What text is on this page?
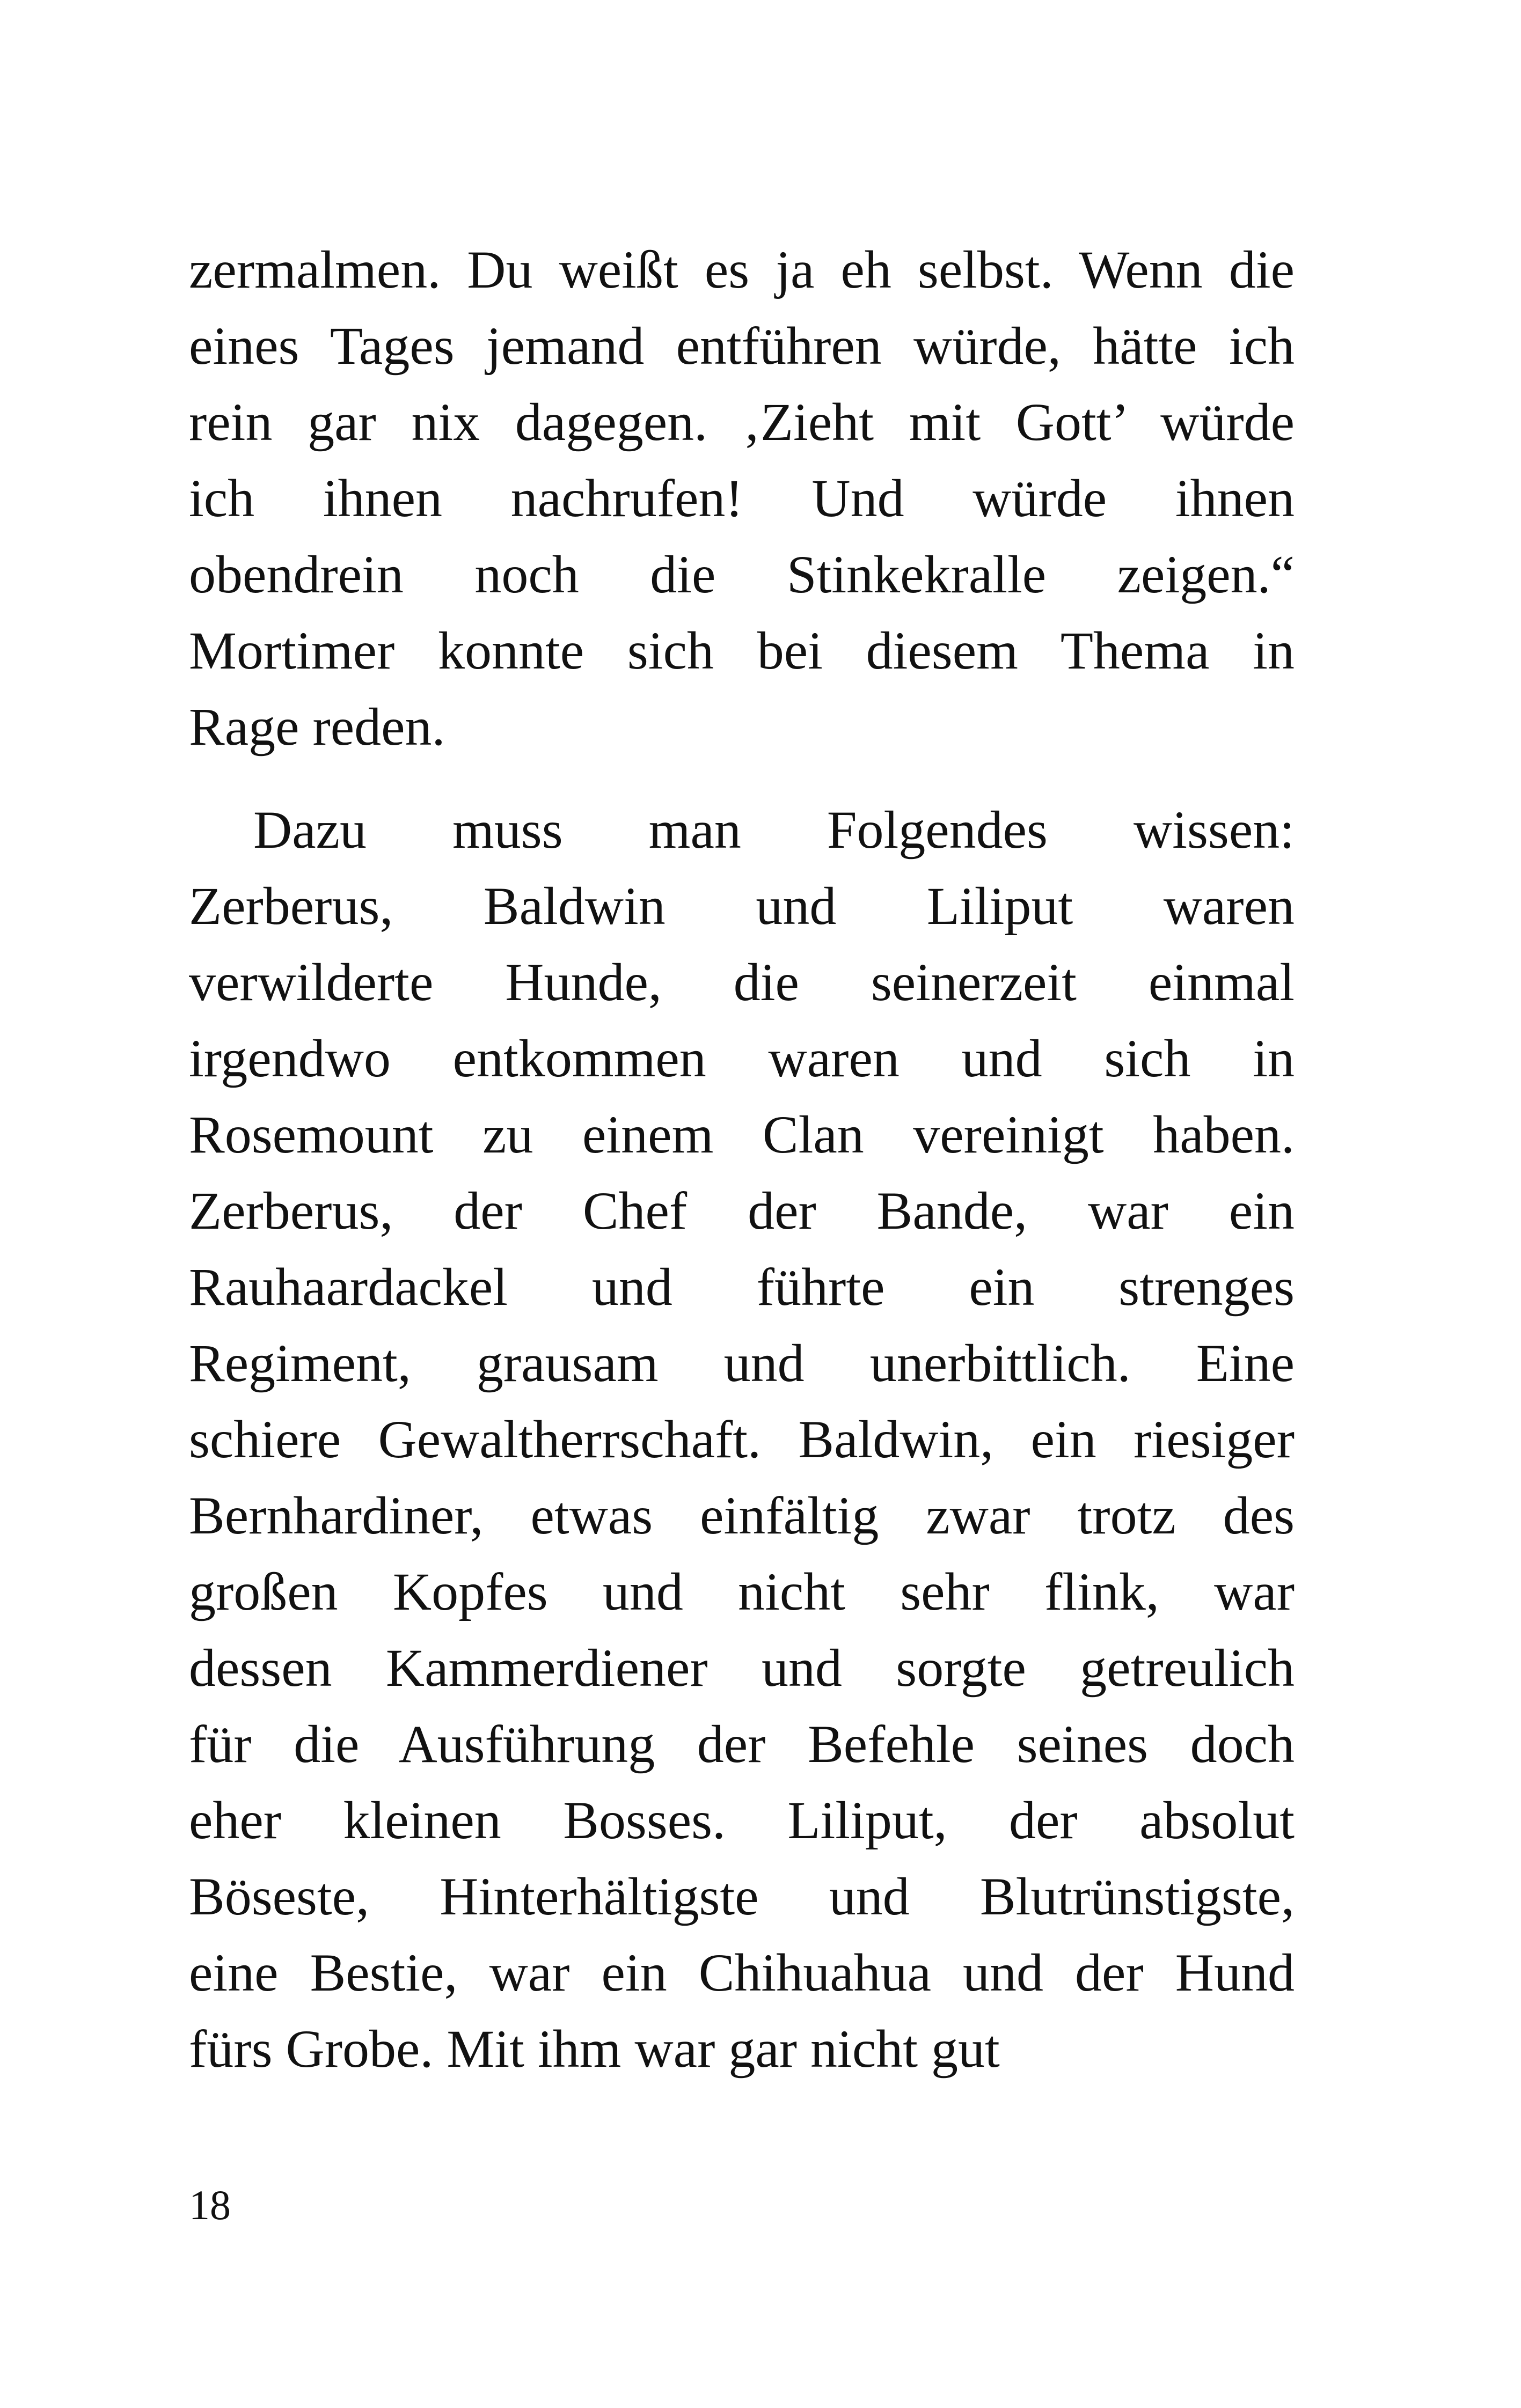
zermalmen. Du weißt es ja eh selbst. Wenn die
eines Tages jemand entführen würde, hätte ich
rein gar nix dagegen. ‚Zieht mit Gott’ würde
ich ihnen nachrufen! Und würde ihnen
obendrein noch die Stinkekralle zeigen.“
Mortimer konnte sich bei diesem Thema in
Rage reden.
Dazu muss man Folgendes wissen:
Zerberus, Baldwin und Liliput waren
verwilderte Hunde, die seinerzeit einmal
irgendwo entkommen waren und sich in
Rosemount zu einem Clan vereinigt haben.
Zerberus, der Chef der Bande, war ein
Rauhaardackel und führte ein strenges
Regiment, grausam und unerbittlich. Eine
schiere Gewaltherrschaft. Baldwin, ein riesiger
Bernhardiner, etwas einfältig zwar trotz des
großen Kopfes und nicht sehr flink, war
dessen Kammerdiener und sorgte getreulich
für die Ausführung der Befehle seines doch
eher kleinen Bosses. Liliput, der absolut
Böseste, Hinterhältigste und Blutrünstigste,
eine Bestie, war ein Chihuahua und der Hund
fürs Grobe. Mit ihm war gar nicht gut
18
